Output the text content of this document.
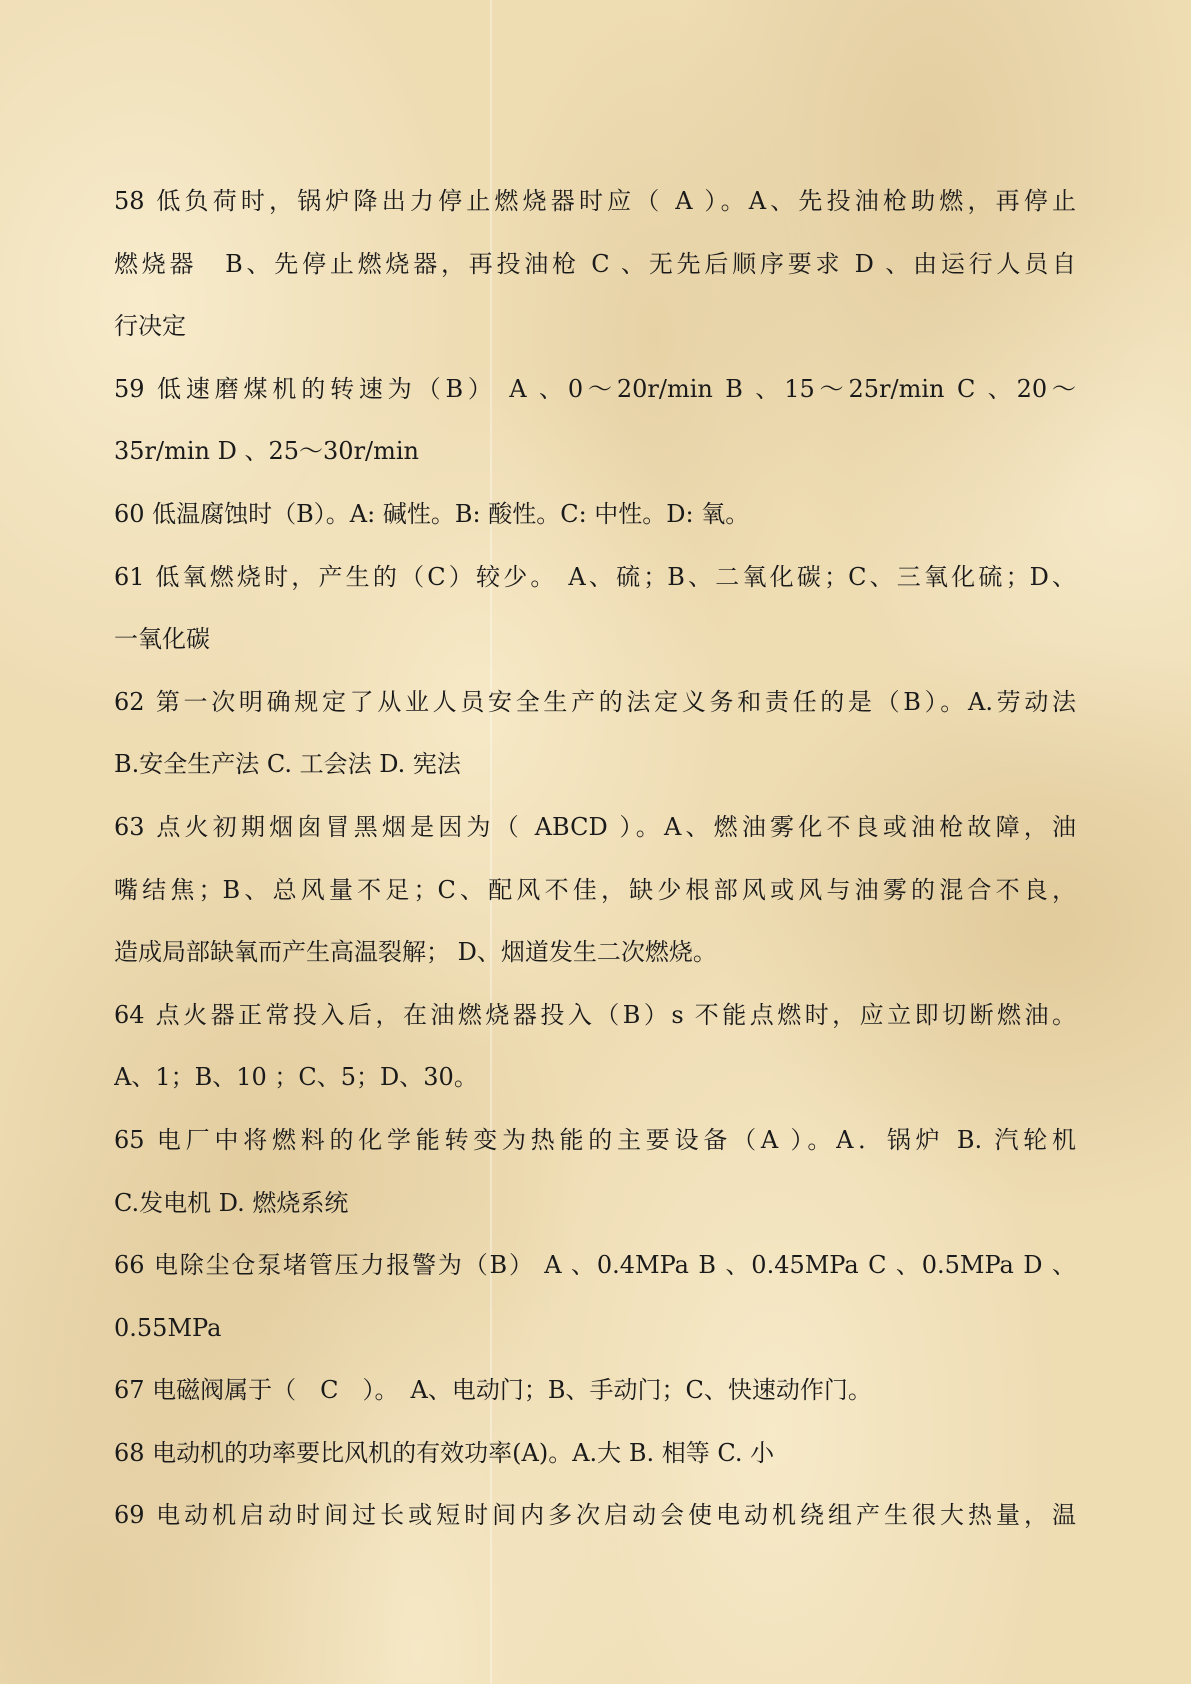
58 低负荷时，锅炉降出力停止燃烧器时应（ A ）。A、先投油枪助燃，再停止
燃烧器　B、先停止燃烧器，再投油枪 C 、无先后顺序要求 D 、由运行人员自
行决定
59 低速磨煤机的转速为（B） A 、0～20r/min B 、15～25r/min C 、20～
35r/min D 、25～30r/min
60 低温腐蚀时（B）。A: 碱性。B: 酸性。C: 中性。D: 氧。
61 低氧燃烧时，产生的（C）较少。 A、硫；B、二氧化碳；C、三氧化硫；D、
一氧化碳
62 第一次明确规定了从业人员安全生产的法定义务和责任的是（B）。A.劳动法
B.安全生产法 C. 工会法 D. 宪法
63 点火初期烟囱冒黑烟是因为（ ABCD ）。A、燃油雾化不良或油枪故障，油
嘴结焦；B、总风量不足；C、配风不佳，缺少根部风或风与油雾的混合不良，
造成局部缺氧而产生高温裂解； D、烟道发生二次燃烧。
64 点火器正常投入后，在油燃烧器投入（B）s 不能点燃时，应立即切断燃油。
A、1；B、10 ；C、5；D、30。
65 电厂中将燃料的化学能转变为热能的主要设备（A ）。A．锅炉 B. 汽轮机
C.发电机 D. 燃烧系统
66 电除尘仓泵堵管压力报警为（B） A 、0.4MPa B 、0.45MPa C 、0.5MPa D 、
0.55MPa
67 电磁阀属于（　C　）。　A、电动门；B、手动门；C、快速动作门。
68 电动机的功率要比风机的有效功率(A)。A.大 B. 相等 C. 小
69 电动机启动时间过长或短时间内多次启动会使电动机绕组产生很大热量，温
